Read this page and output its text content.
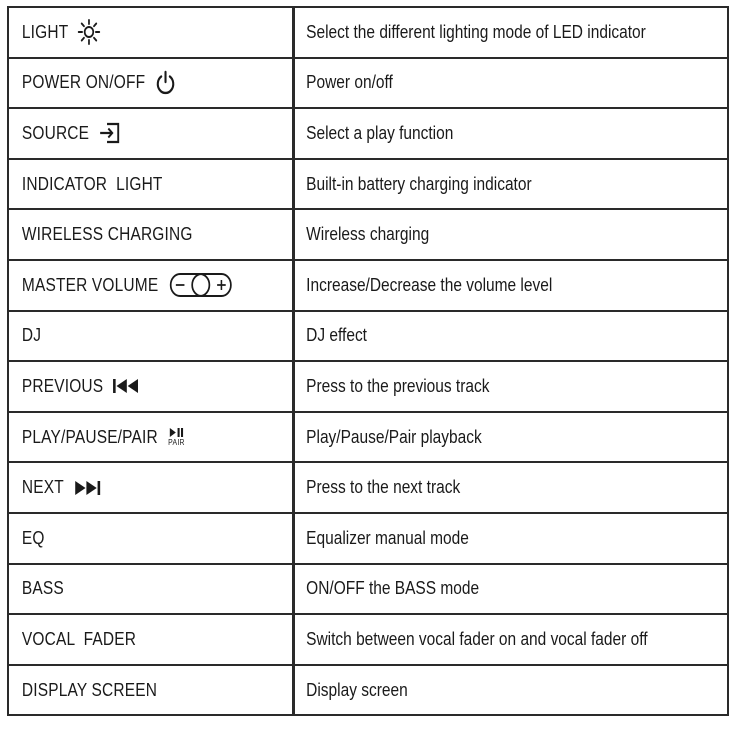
LIGHT	Select the different lighting mode of LED indicator

POWER ON/OFF	Power on/off

SOURCE	Select a play function

INDICATOR  LIGHT	Built-in battery charging indicator

WIRELESS CHARGING	Wireless charging

MASTER VOLUME	Increase/Decrease the volume level

DJ	DJ effect

PREVIOUS	Press to the previous track

PLAY/PAUSE/PAIR PAIR	Play/Pause/Pair playback

NEXT	Press to the next track

EQ	Equalizer manual mode

BASS	ON/OFF the BASS mode

VOCAL  FADER	Switch between vocal fader on and vocal fader off

DISPLAY SCREEN	Display screen
